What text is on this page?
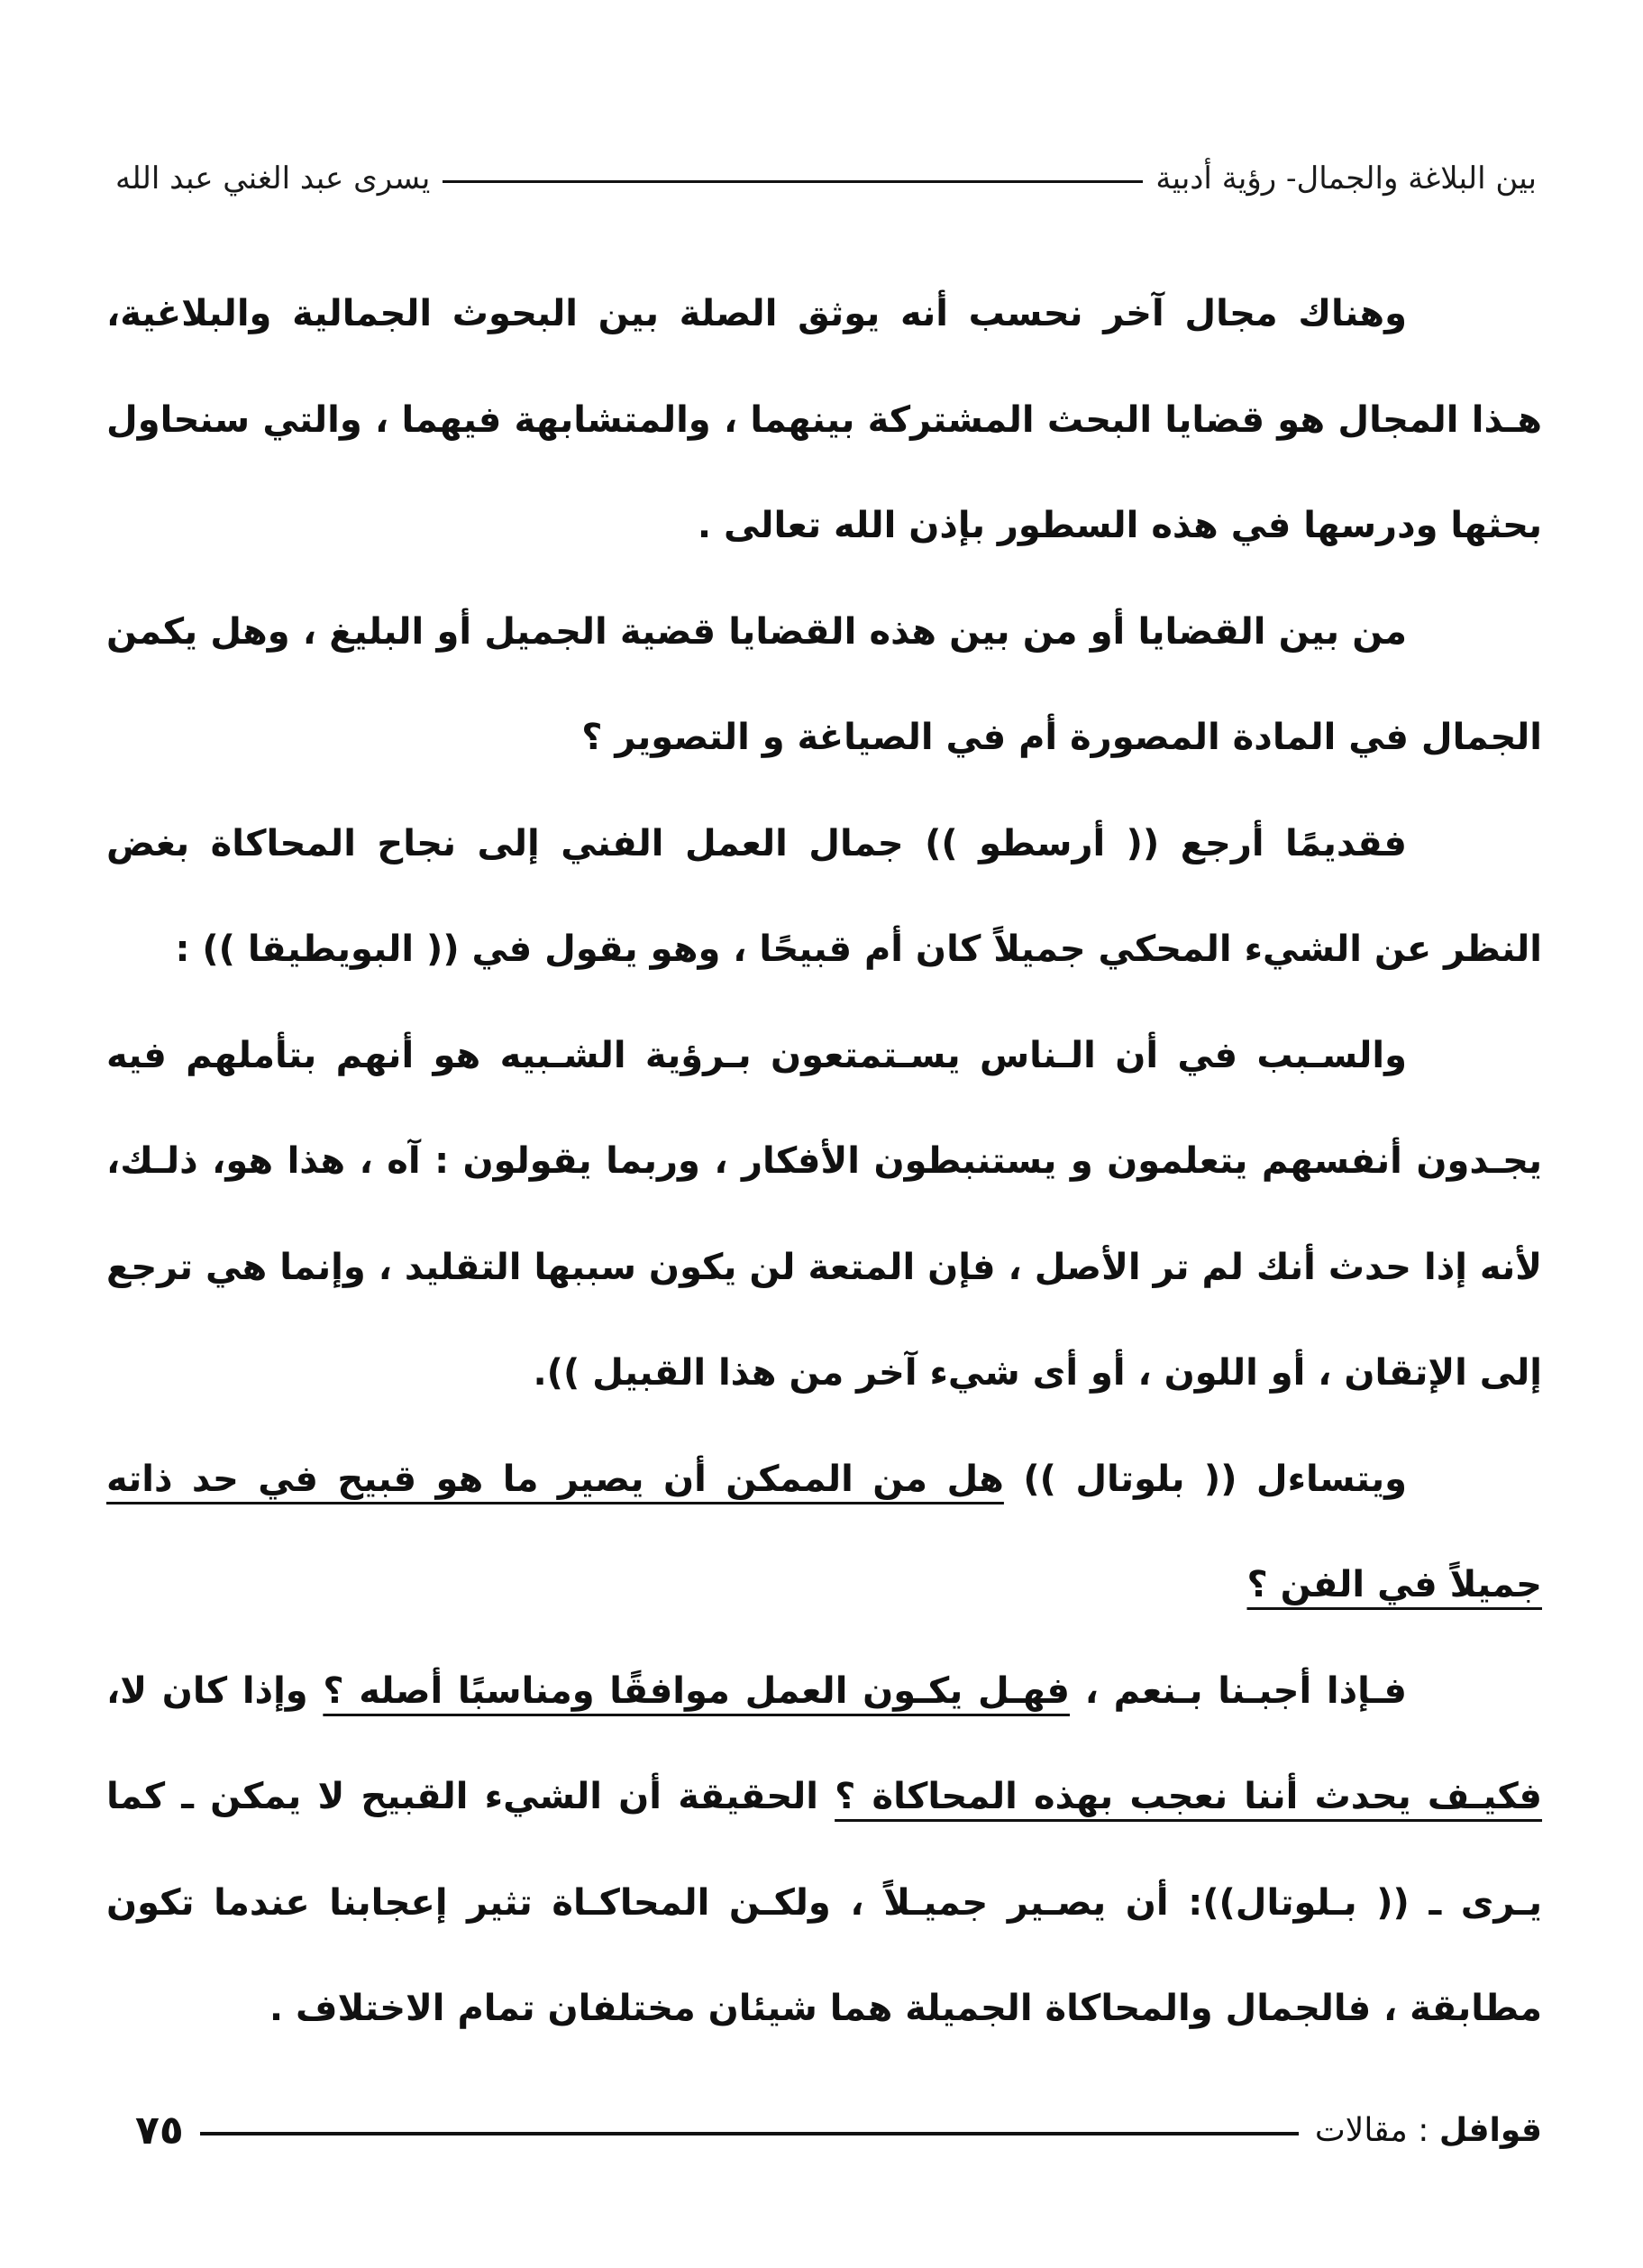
بين البلاغة والجمال- رؤية أدبية
يسرى عبد الغني عبد الله

وهناك مجال آخر نحسب أنه يوثق الصلة بين البحوث الجمالية والبلاغية، هـذا المجال هو قضايا البحث المشتركة بينهما ، والمتشابهة فيهما ، والتي سنحاول بحثها ودرسها في هذه السطور بإذن الله تعالى .

من بين القضايا أو من بين هذه القضايا قضية الجميل أو البليغ ، وهل يكمن الجمال في المادة المصورة أم في الصياغة و التصوير ؟

فقديمًا أرجع (( أرسطو )) جمال العمل الفني إلى نجاح المحاكاة بغض النظر عن الشيء المحكي جميلاً كان أم قبيحًا ، وهو يقول في (( البويطيقا )) :

والسـبب في أن الـناس يسـتمتعون بـرؤية الشـبيه هو أنهم بتأملهم فيه يجـدون أنفسهم يتعلمون و يستنبطون الأفكار ، وربما يقولون : آه ، هذا هو، ذلـك، لأنه إذا حدث أنك لم تر الأصل ، فإن المتعة لن يكون سببها التقليد ، وإنما هي ترجع إلى الإتقان ، أو اللون ، أو أى شيء آخر من هذا القبيل )).

ويتساءل (( بلوتال )) هل من الممكن أن يصير ما هو قبيح في حد ذاته جميلاً في الفن ؟

فـإذا أجبـنا بـنعم ، فهـل يكـون العمل موافقًا ومناسبًا أصله ؟ وإذا كان لا، فكيـف يحدث أننا نعجب بهذه المحاكاة ؟ الحقيقة أن الشيء القبيح لا يمكن ـ كما يـرى ـ (( بـلوتال)): أن يصـير جميـلاً ، ولكـن المحاكـاة تثير إعجابنا عندما تكون مطابقة ، فالجمال والمحاكاة الجميلة هما شيئان مختلفان تمام الاختلاف .

قوافل : مقالات
٧٥
